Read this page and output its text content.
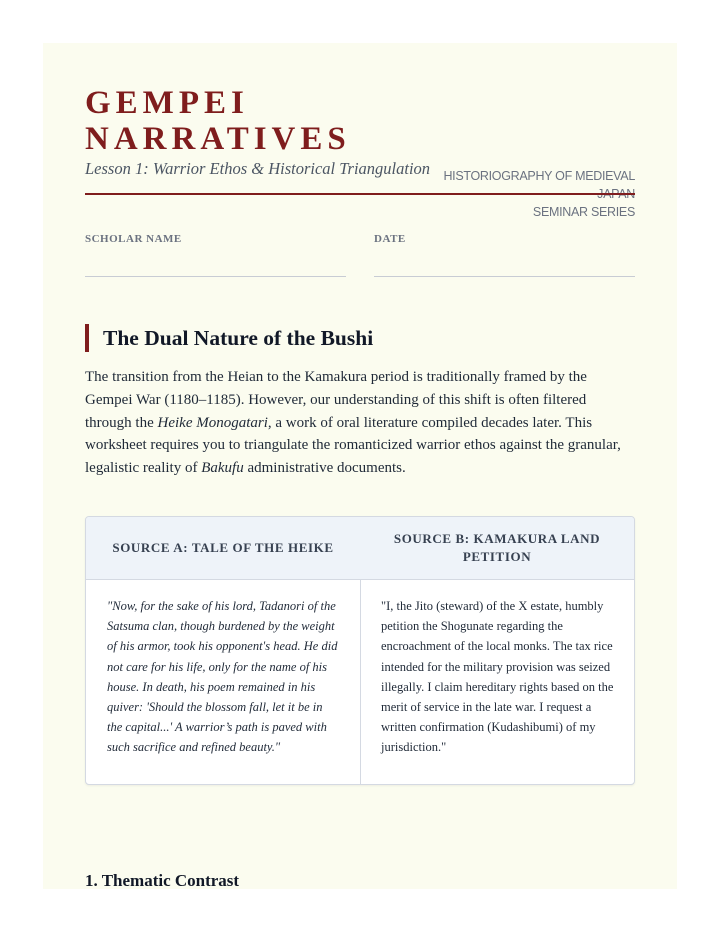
GEMPEI
NARRATIVES
Lesson 1: Warrior Ethos & Historical Triangulation HISTORIOGRAPHY OF MEDIEVAL
SEMINAR SERIES
SCHOLAR NAME	DATE
The Dual Nature of the Bushi

The transition from the Heian to the Kamakura period is traditionally framed by the Gempei War (1180–1185). However, our understanding of this shift is often filtered through the Heike Monogatari, a work of oral literature compiled decades later. This worksheet requires you to triangulate the romanticized warrior ethos against the granular, legalistic reality of Bakufu administrative documents.

SOURCE A: TALE OF THE HEIKE
"Now, for the sake of his lord, Tadanori of the Satsuma clan, though burdened by the weight of his armor, took his opponent's head. He did not care for his life, only for the name of his house. In death, his poem remained in his quiver: 'Should the blossom fall, let it be in the capital...' A warrior’s path is paved with such sacrifice and refined beauty."
SOURCE B: KAMAKURA LAND PETITION
"I, the Jito (steward) of the X estate, humbly petition the Shogunate regarding the encroachment of the local monks. The tax rice intended for the military provision was seized illegally. I claim hereditary rights based on the merit of service in the late war. I request a written confirmation (Kudashibumi) of my jurisdiction."
1. Thematic Contrast
